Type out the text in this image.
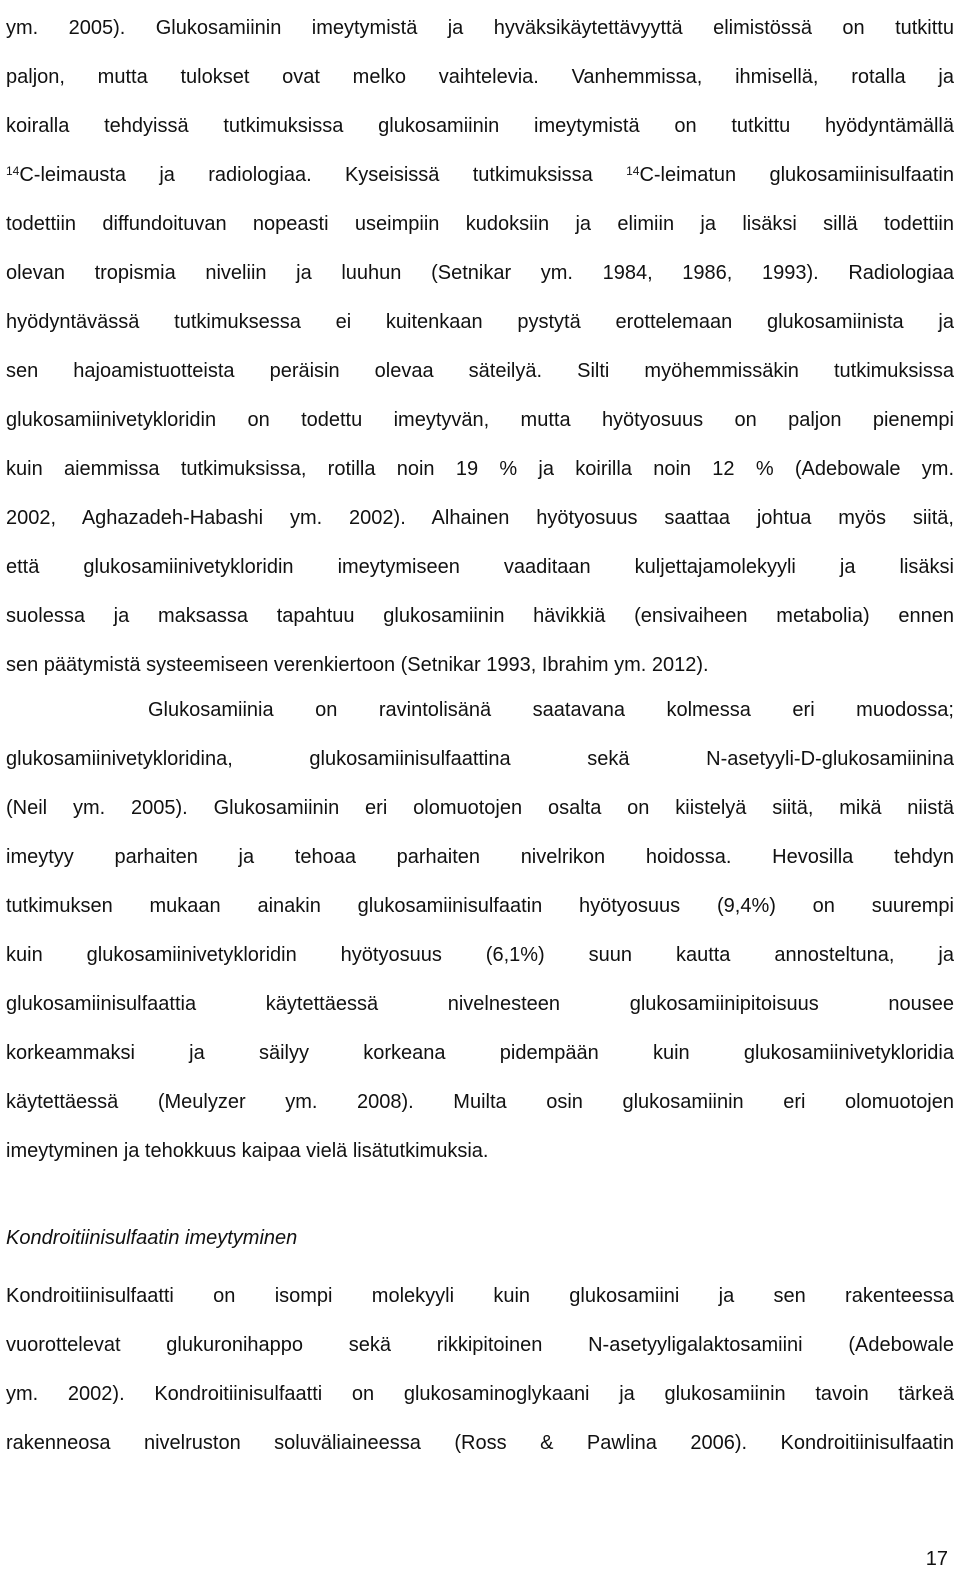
ym. 2005). Glukosamiinin imeytymistä ja hyväksikäytettävyyttä elimistössä on tutkittu
paljon, mutta tulokset ovat melko vaihtelevia. Vanhemmissa, ihmisellä, rotalla ja
koiralla tehdyissä tutkimuksissa glukosamiinin imeytymistä on tutkittu hyödyntämällä
$^{14}$C-leimausta ja radiologiaa. Kyseisissä tutkimuksissa $^{14}$C-leimatun glukosamiinisulfaatin
todettiin diffundoituvan nopeasti useimpiin kudoksiin ja elimiin ja lisäksi sillä todettiin
olevan tropismia niveliin ja luuhun (Setnikar ym. 1984, 1986, 1993). Radiologiaa
hyödyntävässä tutkimuksessa ei kuitenkaan pystytä erottelemaan glukosamiinista ja
sen hajoamistuotteista peräisin olevaa säteilyä. Silti myöhemmissäkin tutkimuksissa
glukosamiinivetykloridin on todettu imeytyvän, mutta hyötyosuus on paljon pienempi
kuin aiemmissa tutkimuksissa, rotilla noin 19 % ja koirilla noin 12 % (Adebowale ym.
2002, Aghazadeh-Habashi ym. 2002). Alhainen hyötyosuus saattaa johtua myös siitä,
että glukosamiinivetykloridin imeytymiseen vaaditaan kuljettajamolekyyli ja lisäksi
suolessa ja maksassa tapahtuu glukosamiinin hävikkiä (ensivaiheen metabolia) ennen
sen päätymistä systeemiseen verenkiertoon (Setnikar 1993, Ibrahim ym. 2012).
Glukosamiinia on ravintolisänä saatavana kolmessa eri muodossa;
glukosamiinivetykloridina, glukosamiinisulfaattina sekä N-asetyyli-D-glukosamiinina
(Neil ym. 2005). Glukosamiinin eri olomuotojen osalta on kiistelyä siitä, mikä niistä
imeytyy parhaiten ja tehoaa parhaiten nivelrikon hoidossa. Hevosilla tehdyn
tutkimuksen mukaan ainakin glukosamiinisulfaatin hyötyosuus (9,4%) on suurempi
kuin glukosamiinivetykloridin hyötyosuus (6,1%) suun kautta annosteltuna, ja
glukosamiinisulfaattia käytettäessä nivelnesteen glukosamiinipitoisuus nousee
korkeammaksi ja säilyy korkeana pidempään kuin glukosamiinivetykloridia
käytettäessä (Meulyzer ym. 2008). Muilta osin glukosamiinin eri olomuotojen
imeytyminen ja tehokkuus kaipaa vielä lisätutkimuksia.
Kondroitiinisulfaatin imeytyminen
Kondroitiinisulfaatti on isompi molekyyli kuin glukosamiini ja sen rakenteessa
vuorottelevat glukuronihappo sekä rikkipitoinen N-asetyyligalaktosamiini (Adebowale
ym. 2002). Kondroitiinisulfaatti on glukosaminoglykaani ja glukosamiinin tavoin tärkeä
rakenneosa nivelruston soluväliaineessa (Ross & Pawlina 2006). Kondroitiinisulfaatin
17
